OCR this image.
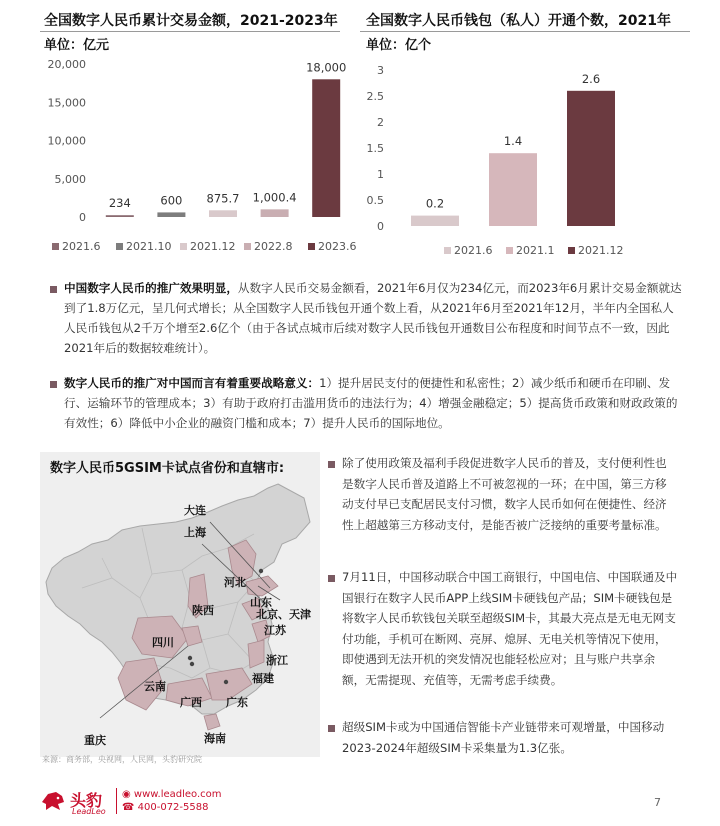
全国数字人民币累计交易金额，2021-2023年
单位：亿元
20,000
15,000
10,000
5,000
0
234	600 875.7 1,000.4
18,000
2021.6 2021.10 2021.12 2022.8 2023.6
全国数字人民币钱包（私人）开通个数，2021年
单位：亿个
3
2.5
2
1.5
1
0.5
0
0.2
1.4
2.6
2021.6 2021.1 2021.12
中国数字人民币的推广效果明显，从数字人民币交易金额看，2021年6月仅为234亿元，而2023年6月累计交易金额就达到了1.8万亿元，呈几何式增长；从全国数字人民币钱包开通个数上看，从2021年6月至2021年12月，半年内全国私人人民币钱包从2千万个增至2.6亿个（由于各试点城市后续对数字人民币钱包开通数目公布程度和时间节点不一致，因此2021年后的数据较难统计）。
数字人民币的推广对中国而言有着重要战略意义：1）提升居民支付的便捷性和私密性；2）减少纸币和硬币在印刷、发行、运输环节的管理成本；3）有助于政府打击滥用货币的违法行为；4）增强金融稳定；5）提高货币政策和财政政策的有效性；6）降低中小企业的融资门槛和成本；7）提升人民币的国际地位。
数字人民币5GSIM卡试点省份和直辖市:
大连
上海
河北
山东
陕西	北京、天津
江苏
四川
浙江
福建
云南
广西 广东
重庆	海南
除了使用政策及福利手段促进数字人民币的普及，支付便利性也是数字人民币普及道路上不可被忽视的一环；在中国，第三方移动支付早已支配居民支付习惯，数字人民币如何在便捷性、经济性上超越第三方移动支付，是能否被广泛接纳的重要考量标准。
7月11日，中国移动联合中国工商银行，中国电信、中国联通及中国银行在数字人民币APP上线SIM卡硬钱包产品；SIM卡硬钱包是将数字人民币软钱包关联至超级SIM卡，其最大亮点是无电无网支付功能，手机可在断网、亮屏、熄屏、无电关机等情况下使用，即使遇到无法开机的突发情况也能轻松应对；且与账户共享余额，无需提现、充值等，无需考虑手续费。
超级SIM卡或为中国通信智能卡产业链带来可观增量，中国移动2023-2024年超级SIM卡采集量为1.3亿张。
来源：商务部，央视网，人民网，头豹研究院
头豹
LeadLeo
◉ www.leadleo.com
☎ 400-072-5588	7
